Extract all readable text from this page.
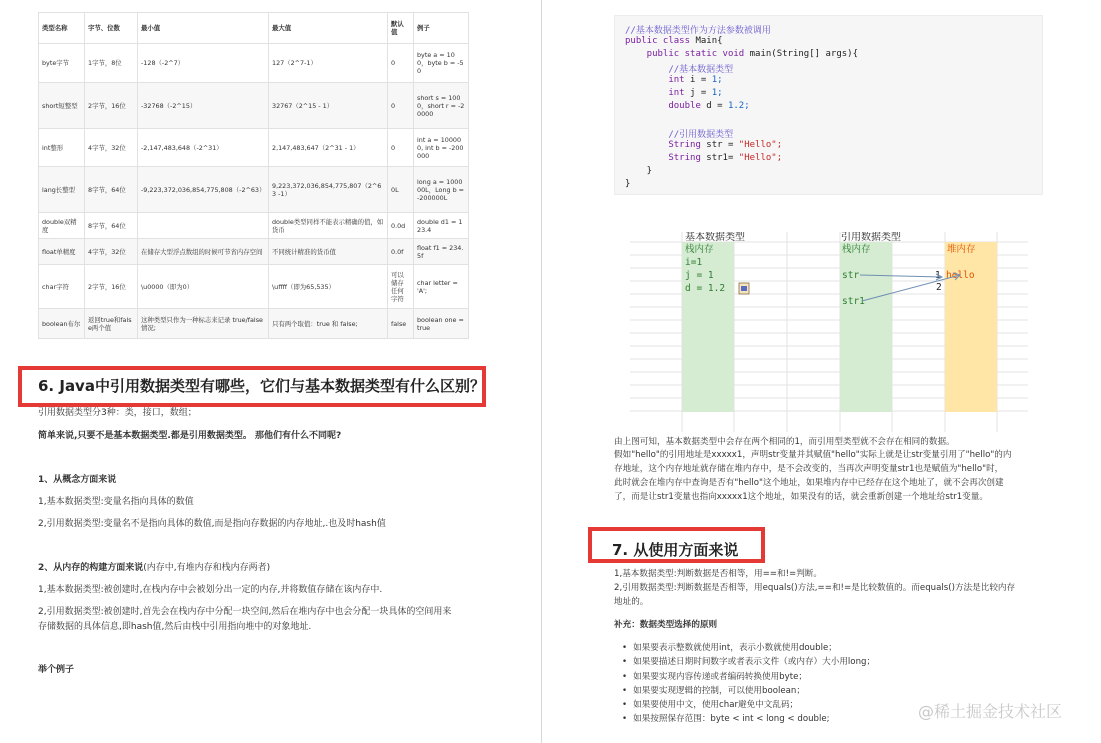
类型名称	字节、位数	最小值	最大值	默认值	例子
byte字节	1字节，8位	-128（-2^7）	127（2^7-1）	0	byte a = 100，byte b = -50
short短整型	2字节，16位	-32768（-2^15）	32767（2^15 - 1）	0	short s = 1000，short r = -20000
int整形	4字节，32位	-2,147,483,648（-2^31）	2,147,483,647（2^31 - 1）	0	int a = 100000, int b = -200000
lang长整型	8字节，64位	-9,223,372,036,854,775,808（-2^63）	9,223,372,036,854,775,807（2^63 -1）	0L	long a = 100000L，Long b = -200000L
double双精度	8字节，64位		double类型同样不能表示精确的值，如货币	0.0d	double d1 = 123.4
float单精度	4字节，32位	在储存大型浮点数组的时候可节省内存空间	不同统计精准的货币值	0.0f	float f1 = 234.5f
char字符	2字节，16位	\u0000（即为0）	\uffff（即为65,535）	可以储存任何字符	char letter = 'A';
boolean布尔	返回true和false两个值	这种类型只作为一种标志来记录 true/false 情况;	只有两个取值：true 和 false;	false	boolean one = true
6. Java中引用数据类型有哪些，它们与基本数据类型有什么区别？
引用数据类型分3种：类，接口，数组；
简单来说,只要不是基本数据类型.都是引用数据类型。 那他们有什么不同呢?
1、从概念方面来说
1,基本数据类型:变量名指向具体的数值
2,引用数据类型:变量名不是指向具体的数值,而是指向存数据的内存地址,.也及时hash值
2、从内存的构建方面来说(内存中,有堆内存和栈内存两者)
1,基本数据类型:被创建时,在栈内存中会被划分出一定的内存,并将数值存储在该内存中.
2,引用数据类型:被创建时,首先会在栈内存中分配一块空间,然后在堆内存中也会分配一块具体的空间用来
存储数据的具体信息,即hash值,然后由栈中引用指向堆中的对象地址.
举个例子
//基本数据类型作为方法参数被调用
public class Main{
public static void main(String[] args){
//基本数据类型
int i = 1;
int j = 1;
double d = 1.2;
//引用数据类型
String str = "Hello";
String str1= "Hello";
}
}
基本数据类型	引用数据类型
栈内存	栈内存	堆内存
i=1
j = 1
d = 1.2
str
str1
1
2
hello
由上图可知，基本数据类型中会存在两个相同的1，而引用型类型就不会存在相同的数据。
假如"hello"的引用地址是xxxxx1，声明str变量并其赋值"hello"实际上就是让str变量引用了"hello"的内
存地址，这个内存地址就存储在堆内存中，是不会改变的，当再次声明变量str1也是赋值为"hello"时，
此时就会在堆内存中查询是否有"hello"这个地址，如果堆内存中已经存在这个地址了，就不会再次创建
了，而是让str1变量也指向xxxxx1这个地址，如果没有的话，就会重新创建一个地址给str1变量。
7. 从使用方面来说
1,基本数据类型:判断数据是否相等，用==和!=判断。
2,引用数据类型:判断数据是否相等，用equals()方法,==和!=是比较数值的。而equals()方法是比较内存
地址的。
补充：数据类型选择的原则
• 如果要表示整数就使用int，表示小数就使用double；
• 如果要描述日期时间数字或者表示文件（或内存）大小用long；
• 如果要实现内容传递或者编码转换使用byte；
• 如果要实现逻辑的控制，可以使用boolean；
• 如果要使用中文，使用char避免中文乱码；
• 如果按照保存范围：byte < int < long < double;	@稀土掘金技术社区
